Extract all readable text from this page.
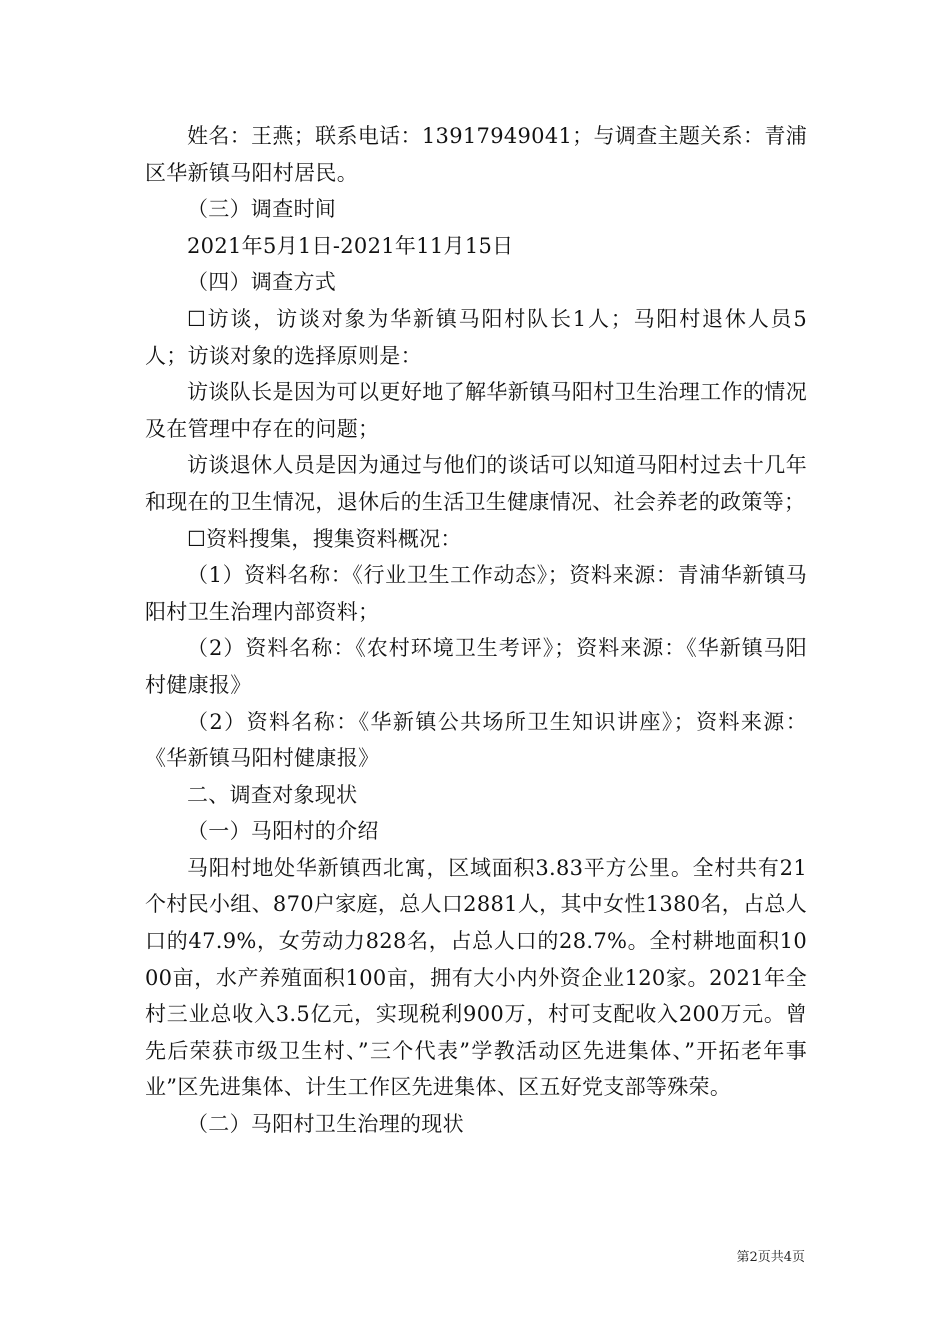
姓名：王燕；联系电话：13917949041；与调查主题关系：青浦区华新镇马阳村居民。

（三）调查时间

2021年5月1日-2021年11月15日

（四）调查方式

☐访谈，访谈对象为华新镇马阳村队长1人；马阳村退休人员5人；访谈对象的选择原则是：

访谈队长是因为可以更好地了解华新镇马阳村卫生治理工作的情况及在管理中存在的问题；

访谈退休人员是因为通过与他们的谈话可以知道马阳村过去十几年和现在的卫生情况，退休后的生活卫生健康情况、社会养老的政策等；

☐资料搜集，搜集资料概况：

（1）资料名称：《行业卫生工作动态》；资料来源：青浦华新镇马阳村卫生治理内部资料；

（2）资料名称：《农村环境卫生考评》；资料来源：《华新镇马阳村健康报》

（2）资料名称：《华新镇公共场所卫生知识讲座》；资料来源：《华新镇马阳村健康报》

二、调查对象现状

（一）马阳村的介绍

马阳村地处华新镇西北寓，区域面积3.83平方公里。全村共有21个村民小组、870户家庭，总人口2881人，其中女性1380名，占总人口的47.9%，女劳动力828名，占总人口的28.7%。全村耕地面积1000亩，水产养殖面积100亩，拥有大小内外资企业120家。2021年全村三业总收入3.5亿元，实现税利900万，村可支配收入200万元。曾先后荣获市级卫生村、”三个代表”学教活动区先进集体、”开拓老年事业”区先进集体、计生工作区先进集体、区五好党支部等殊荣。

（二）马阳村卫生治理的现状

第2页共4页
